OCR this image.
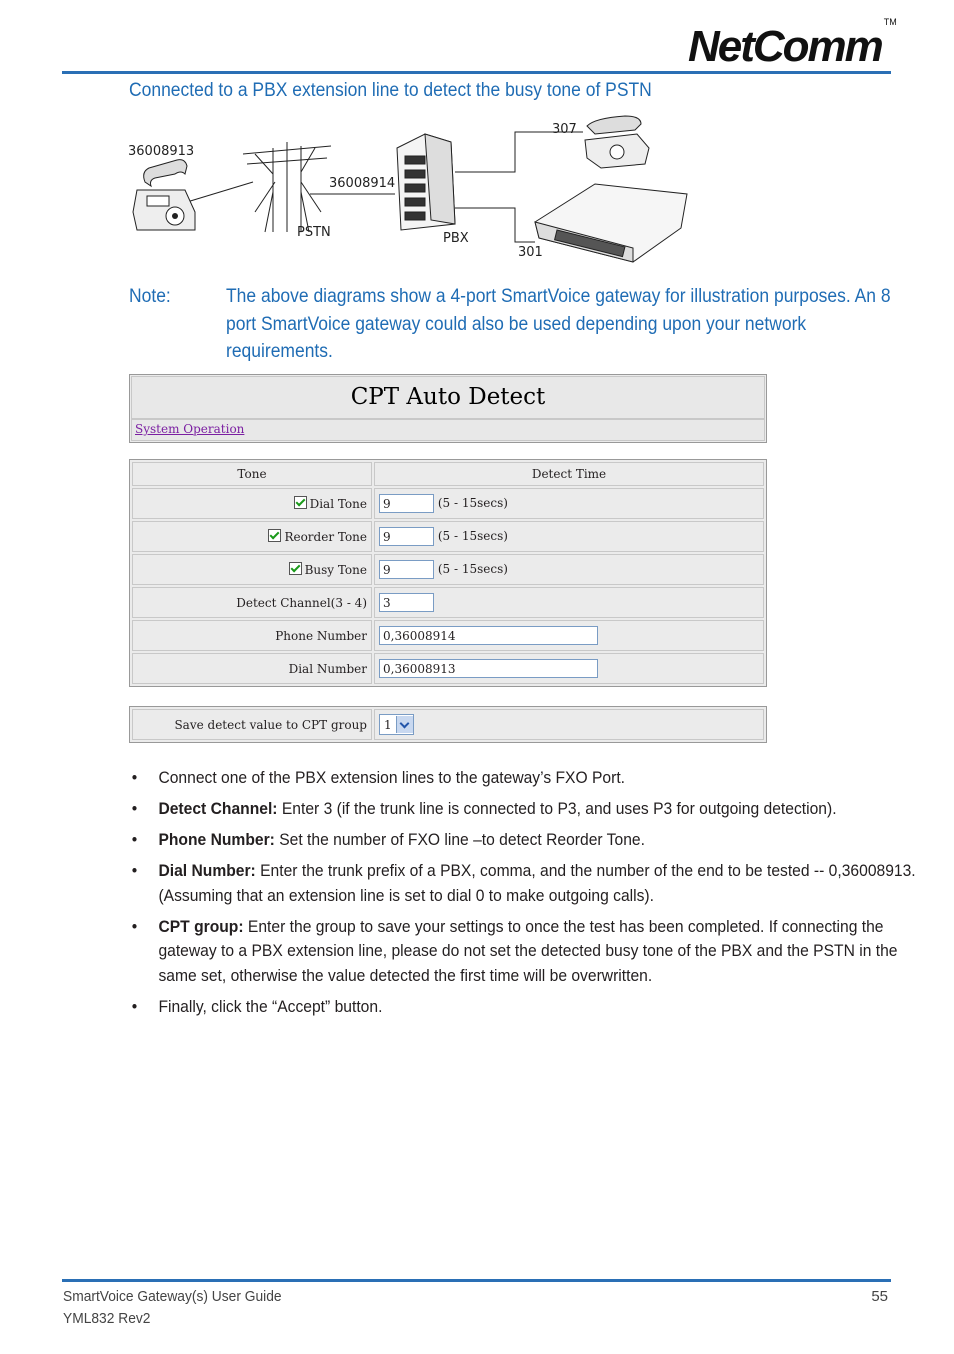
NetComm ™
Connected to a PBX extension line to detect the busy tone of PSTN
36008913
PSTN
36008914
PBX
307
301
Note:	The above diagrams show a 4-port SmartVoice gateway for illustration purposes. An 8 port SmartVoice gateway could also be used depending upon your network requirements.
CPT Auto Detect
System Operation
Tone	Detect Time
Dial Tone	9 (5 - 15secs)
Reorder Tone	9 (5 - 15secs)
Busy Tone	9 (5 - 15secs)
Detect Channel(3 - 4)	3
Phone Number	0,36008914
Dial Number	0,36008913
Save detect value to CPT group	1
• Connect one of the PBX extension lines to the gateway’s FXO Port.
• Detect Channel: Enter 3 (if the trunk line is connected to P3, and uses P3 for outgoing detection).
• Phone Number: Set the number of FXO line –to detect Reorder Tone.
• Dial Number: Enter the trunk prefix of a PBX, comma, and the number of the end to be tested -- 0,36008913. (Assuming that an extension line is set to dial 0 to make outgoing calls).
• CPT group: Enter the group to save your settings to once the test has been completed. If connecting the gateway to a PBX extension line, please do not set the detected busy tone of the PBX and the PSTN in the same set, otherwise the value detected the first time will be overwritten.
• Finally, click the “Accept” button.
SmartVoice Gateway(s) User Guide
YML832 Rev2
55
